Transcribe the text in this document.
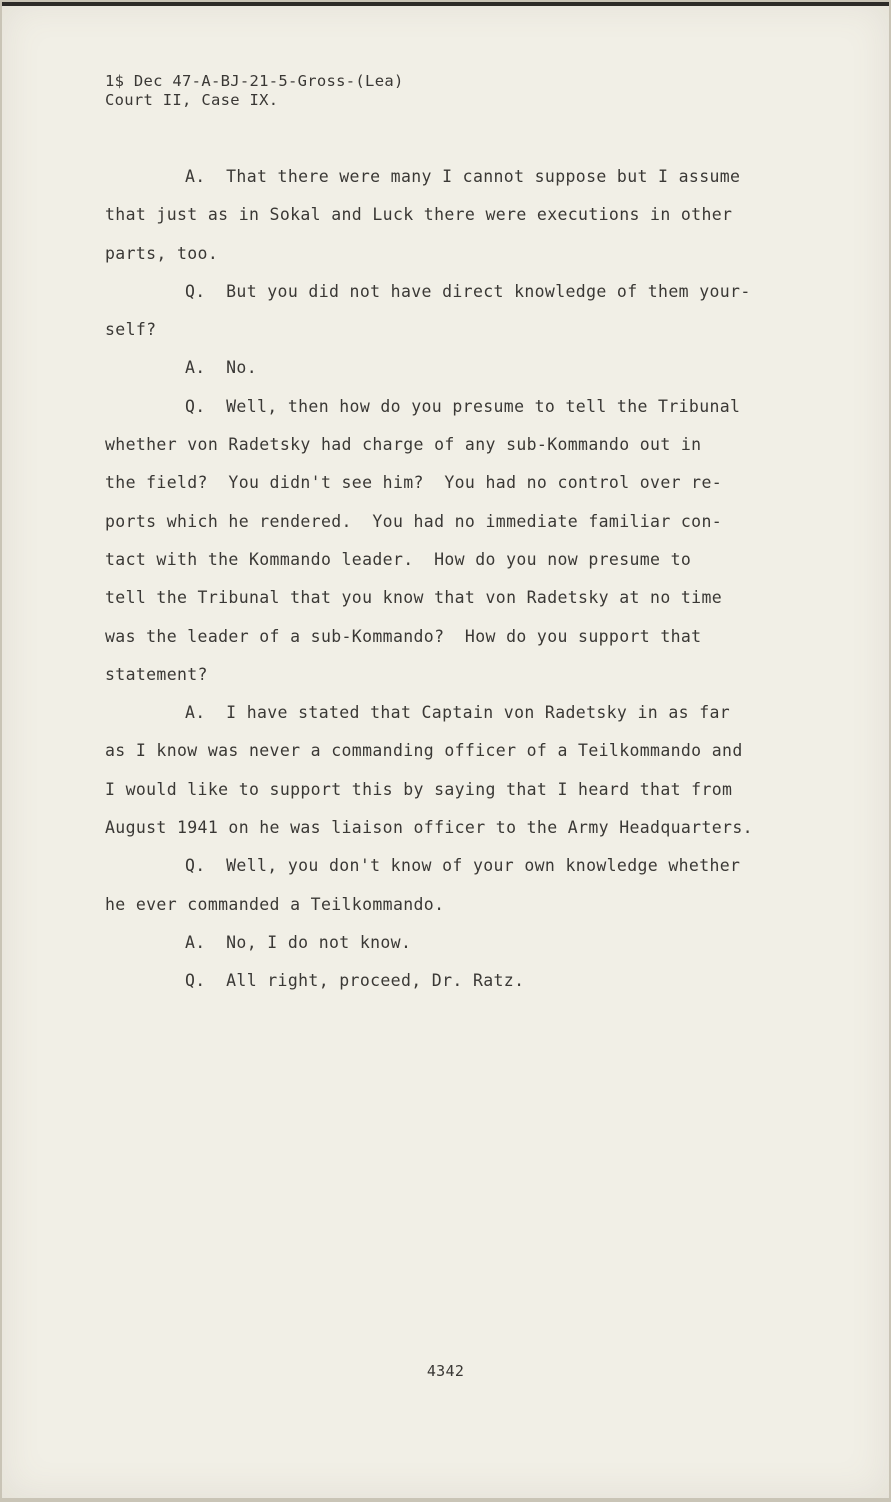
1$ Dec 47-A-BJ-21-5-Gross-(Lea)
Court II, Case IX.
A.  That there were many I cannot suppose but I assume
that just as in Sokal and Luck there were executions in other
parts, too.
Q.  But you did not have direct knowledge of them your-
self?
A.  No.
Q.  Well, then how do you presume to tell the Tribunal
whether von Radetsky had charge of any sub-Kommando out in
the field?  You didn't see him?  You had no control over re-
ports which he rendered.  You had no immediate familiar con-
tact with the Kommando leader.  How do you now presume to
tell the Tribunal that you know that von Radetsky at no time
was the leader of a sub-Kommando?  How do you support that
statement?
A.  I have stated that Captain von Radetsky in as far
as I know was never a commanding officer of a Teilkommando and
I would like to support this by saying that I heard that from
August 1941 on he was liaison officer to the Army Headquarters.
Q.  Well, you don't know of your own knowledge whether
he ever commanded a Teilkommando.
A.  No, I do not know.
Q.  All right, proceed, Dr. Ratz.
4342
